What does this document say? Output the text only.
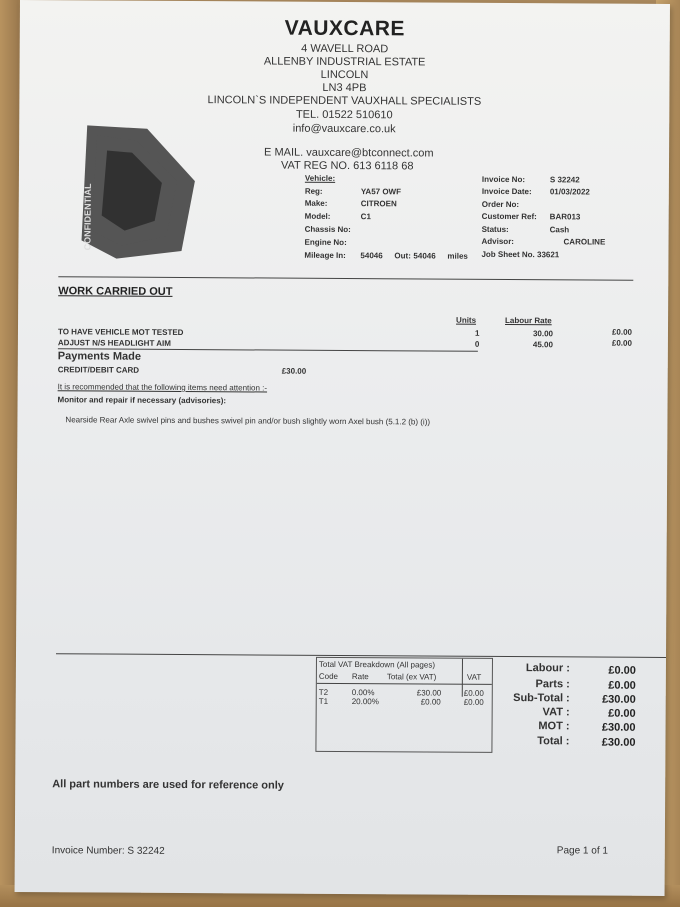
VAUXCARE
4 WAVELL ROAD
ALLENBY INDUSTRIAL ESTATE
LINCOLN
LN3 4PB
LINCOLN`S INDEPENDENT VAUXHALL SPECIALISTS
TEL. 01522 510610
info@vauxcare.co.uk
E MAIL. vauxcare@btconnect.com
VAT REG NO. 613 6118 68
CONFIDENTIAL
Vehicle:
Reg:	YA57 OWF
Make:	CITROEN
Model:	C1
Chassis No:
Engine No:
Mileage In: 54046 Out: 54046 miles
Invoice No:	S 32242
Invoice Date: 01/03/2022
Order No:
Customer Ref: BAR013
Status:	Cash
Advisor:	CAROLINE
Job Sheet No. 33621
WORK CARRIED OUT
Units	Labour Rate
TO HAVE VEHICLE MOT TESTED	1	30.00	£0.00
ADJUST N/S HEADLIGHT AIM	0	45.00	£0.00
Payments Made
CREDIT/DEBIT CARD	£30.00
It is recommended that the following items need attention :-
Monitor and repair if necessary (advisories):
Nearside Rear Axle swivel pins and bushes swivel pin and/or bush slightly worn Axel bush (5.1.2 (b) (i))
Total VAT Breakdown (All pages)
Code Rate Total (ex VAT)	VAT
T2	0.00%	£30.00	£0.00
T1	20.00%	£0.00	£0.00
Labour :	£0.00
Parts :	£0.00
Sub-Total :	£30.00
VAT :	£0.00
MOT :	£30.00
Total :	£30.00
All part numbers are used for reference only
Invoice Number: S 32242	Page 1 of 1
